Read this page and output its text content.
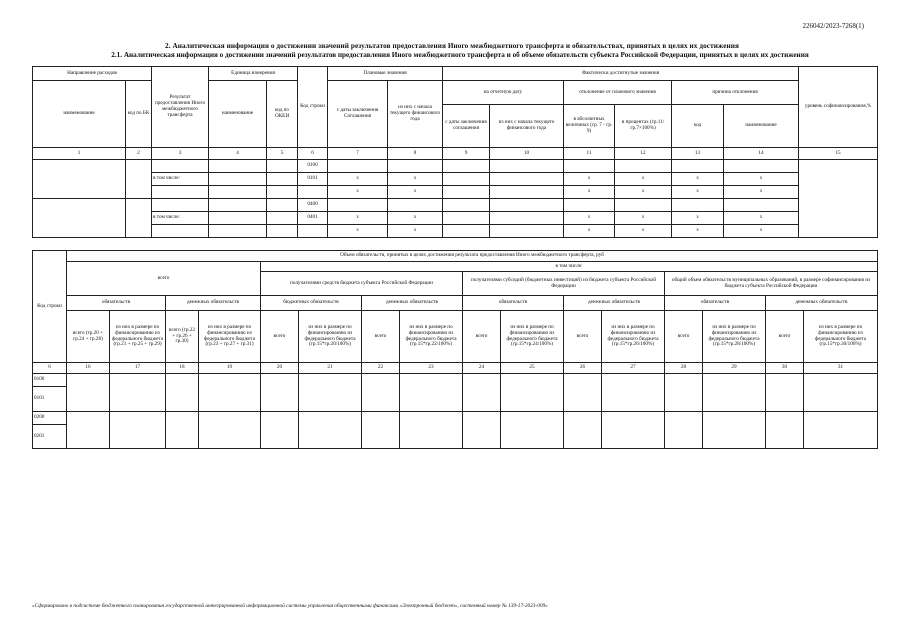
226042/2023-7268(1)
2. Аналитическая информация о достижении значений результатов предоставления Иного межбюджетного трансферта и обязательствах, принятых в целях их достижения
2.1. Аналитическая информация о достижении значений результатов предоставления Иного межбюджетного трансферта и об объеме обязательств субъекта Российской Федерации, принятых в целях их достижения
Направление расходов		Результат предоставления Иного межбюджетного трансферта	Единица измерения		Код строки	Плановые значения		Фактически достигнутые значения						уровень софинансирования,%
наименование	код по БК		наименование	код по ОКЕИ		с даты заключения Соглашения	из них с начала текущего финансового года	на отчетную дату		отклонение от планового значения		причина отклонения		
								с даты заключения соглашения	из них с начала текущего финансового года	в абсолютных величинах (гр. 7 - гр. 9)	в процентах (гр.11/гр.7×100%)	код	наименование	
1	2	3	4	5	6	7	8	9	10	11	12	13	14	15
					0100									
		в том числе:			0101	x	x			x	x	x	x	
						x	x			x	x	x	x	
					0400									
		в том числе:			0401	x	x			x	x	x	x	
						x	x			x	x	x	x	
Код строки	Объем обязательств, принятых в целях достижения результата предоставления Иного межбюджетного трансферта, руб															
	всего				в том числе:											
					получателями средств бюджета субъекта Российской Федерации				получателями субсидий (бюджетных инвестиций) из бюджета субъекта Российской Федерации				общий объем обязательств муниципальных образований, в размере софинансирования из бюджета субъекта Российской Федерации			
	обязательств		денежных обязательств		бюджетных обязательств		денежных обязательств		обязательств		денежных обязательств		обязательств		денежных обязательств	
	всего (гр.20 + гр.24 + гр.28)	из них в размере по финансированию из федерального бюджета (гр.21 + гр.25 + гр.29)	всего (гр.22 + гр.26 + гр.30)	из них в размере по финансированию из федерального бюджета (гр.23 + гр.27 + гр.31)	всего	из них в размере по финансированию из федерального бюджета (гр.15*гр.20/100%)	всего	из них в размере по финансированию из федерального бюджета (гр.15*гр.22/100%)	всего	из них в размере по финансированию из федерального бюджета (гр.15*гр.24/100%)	всего	из них в размере по финансированию из федерального бюджета (гр.15*гр.26/100%)	всего	из них в размере по финансированию из федерального бюджета (гр.15*гр.28/100%)	всего	из них в размере по финансированию из федерального бюджета (гр.15*гр.30/100%)
6	16	17	18	19	20	21	22	23	24	25	26	27	28	29	30	31
0100																
0101																
0200																
0201																
«Сформировано в подсистеме бюджетного планирования государственной интегрированной информационной системы управления общественными финансами «Электронный бюджет», системный номер № 139-17-2023-009»
